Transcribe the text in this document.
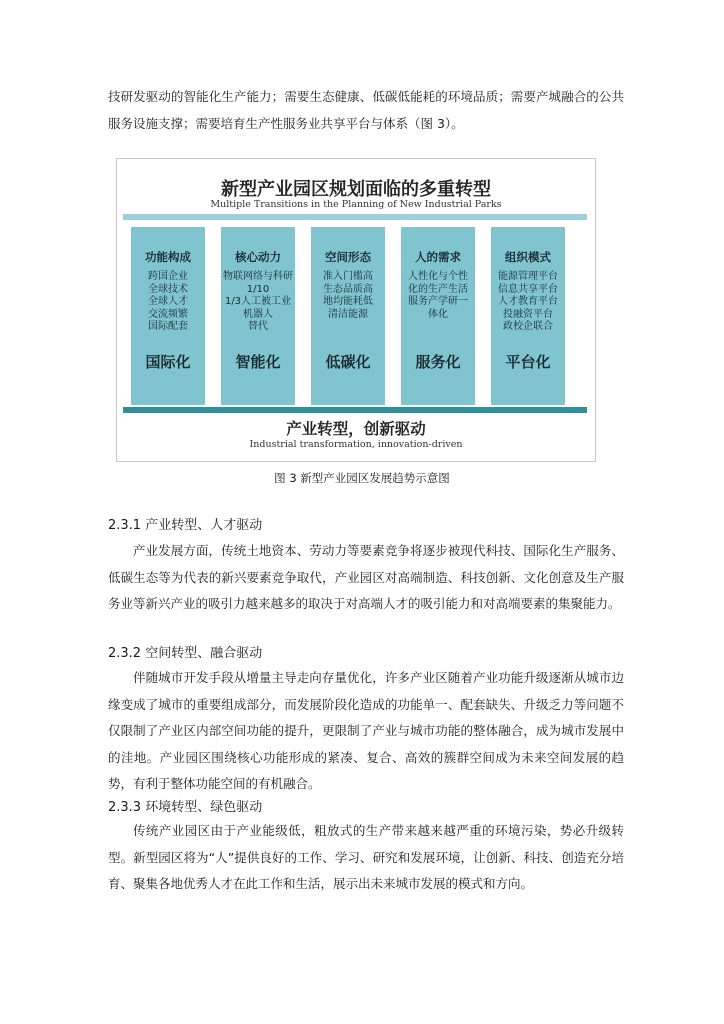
技研发驱动的智能化生产能力；需要生态健康、低碳低能耗的环境品质；需要产城融合的公共服务设施支撑；需要培育生产性服务业共享平台与体系（图 3）。

新型产业园区规划面临的多重转型

Multiple Transitions in the Planning of New Industrial Parks

功能构成
跨国企业
全球技术
全球人才
交流频繁
国际配套
国际化
核心动力
物联网络与科研
1/10
1/3人工被工业
机器人
替代
智能化
空间形态
准入门槛高
生态品质高
地均能耗低
清洁能源
低碳化
人的需求
人性化与个性
化的生产生活
服务产学研一
体化
服务化
组织模式
能源管理平台
信息共享平台
人才教育平台
投融资平台
政校企联合
平台化

产业转型，创新驱动

Industrial transformation, innovation-driven

图 3 新型产业园区发展趋势示意图

2.3.1 产业转型、人才驱动

产业发展方面，传统土地资本、劳动力等要素竞争将逐步被现代科技、国际化生产服务、低碳生态等为代表的新兴要素竞争取代，产业园区对高端制造、科技创新、文化创意及生产服务业等新兴产业的吸引力越来越多的取决于对高端人才的吸引能力和对高端要素的集聚能力。

2.3.2 空间转型、融合驱动

伴随城市开发手段从增量主导走向存量优化，许多产业区随着产业功能升级逐渐从城市边缘变成了城市的重要组成部分，而发展阶段化造成的功能单一、配套缺失、升级乏力等问题不仅限制了产业区内部空间功能的提升，更限制了产业与城市功能的整体融合，成为城市发展中的洼地。产业园区围绕核心功能形成的紧凑、复合、高效的簇群空间成为未来空间发展的趋势，有利于整体功能空间的有机融合。

2.3.3 环境转型、绿色驱动

传统产业园区由于产业能级低，粗放式的生产带来越来越严重的环境污染，势必升级转型。新型园区将为“人”提供良好的工作、学习、研究和发展环境，让创新、科技、创造充分培育、聚集各地优秀人才在此工作和生活，展示出未来城市发展的模式和方向。
